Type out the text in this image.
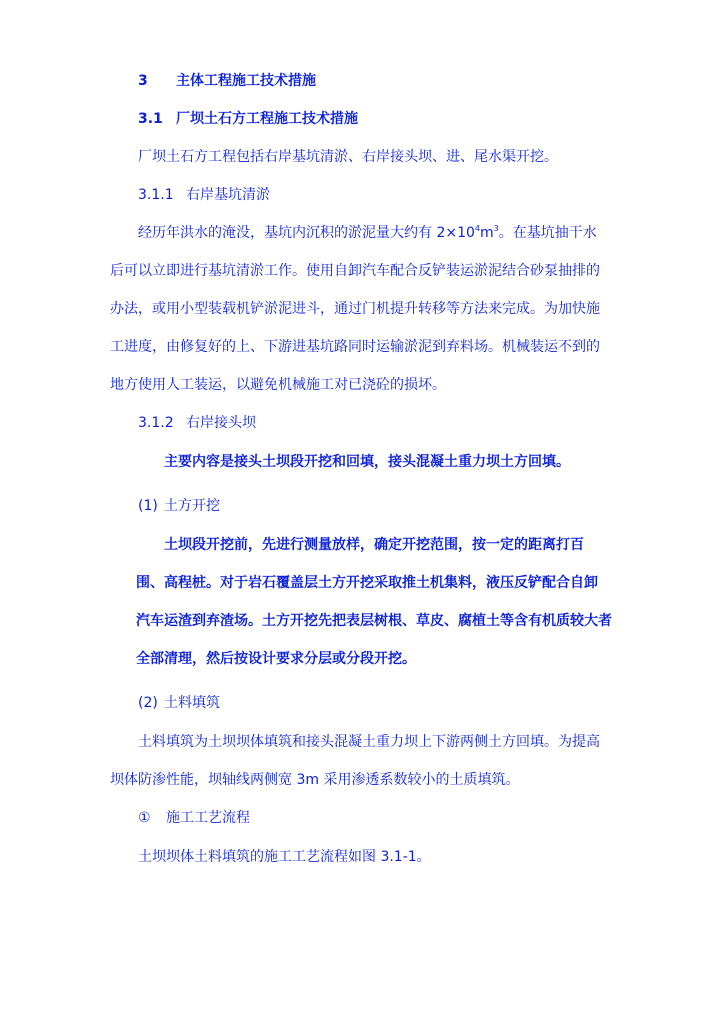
3 主体工程施工技术措施
3.1 厂坝土石方工程施工技术措施
厂坝土石方工程包括右岸基坑清淤、右岸接头坝、进、尾水渠开挖。
3.1.1 右岸基坑清淤
经历年洪水的淹没，基坑内沉积的淤泥量大约有 $2\times 10^4m^3$。在基坑抽干水
后可以立即进行基坑清淤工作。使用自卸汽车配合反铲装运淤泥结合砂泵抽排的
办法，或用小型装载机铲淤泥进斗，通过门机提升转移等方法来完成。为加快施
工进度，由修复好的上、下游进基坑路同时运输淤泥到弃料场。机械装运不到的
地方使用人工装运，以避免机械施工对已浇砼的损坏。
3.1.2 右岸接头坝
主要内容是接头土坝段开挖和回填，接头混凝土重力坝土方回填。
(1) 土方开挖
土坝段开挖前，先进行测量放样，确定开挖范围，按一定的距离打百
围、高程桩。对于岩石覆盖层土方开挖采取推土机集料，液压反铲配合自卸
汽车运渣到弃渣场。土方开挖先把表层树根、草皮、腐植土等含有机质较大者
全部清理，然后按设计要求分层或分段开挖。
(2) 土料填筑
土料填筑为土坝坝体填筑和接头混凝土重力坝上下游两侧土方回填。为提高
坝体防渗性能，坝轴线两侧宽 3m 采用渗透系数较小的土质填筑。
① 施工工艺流程
土坝坝体土料填筑的施工工艺流程如图 3.1-1。
